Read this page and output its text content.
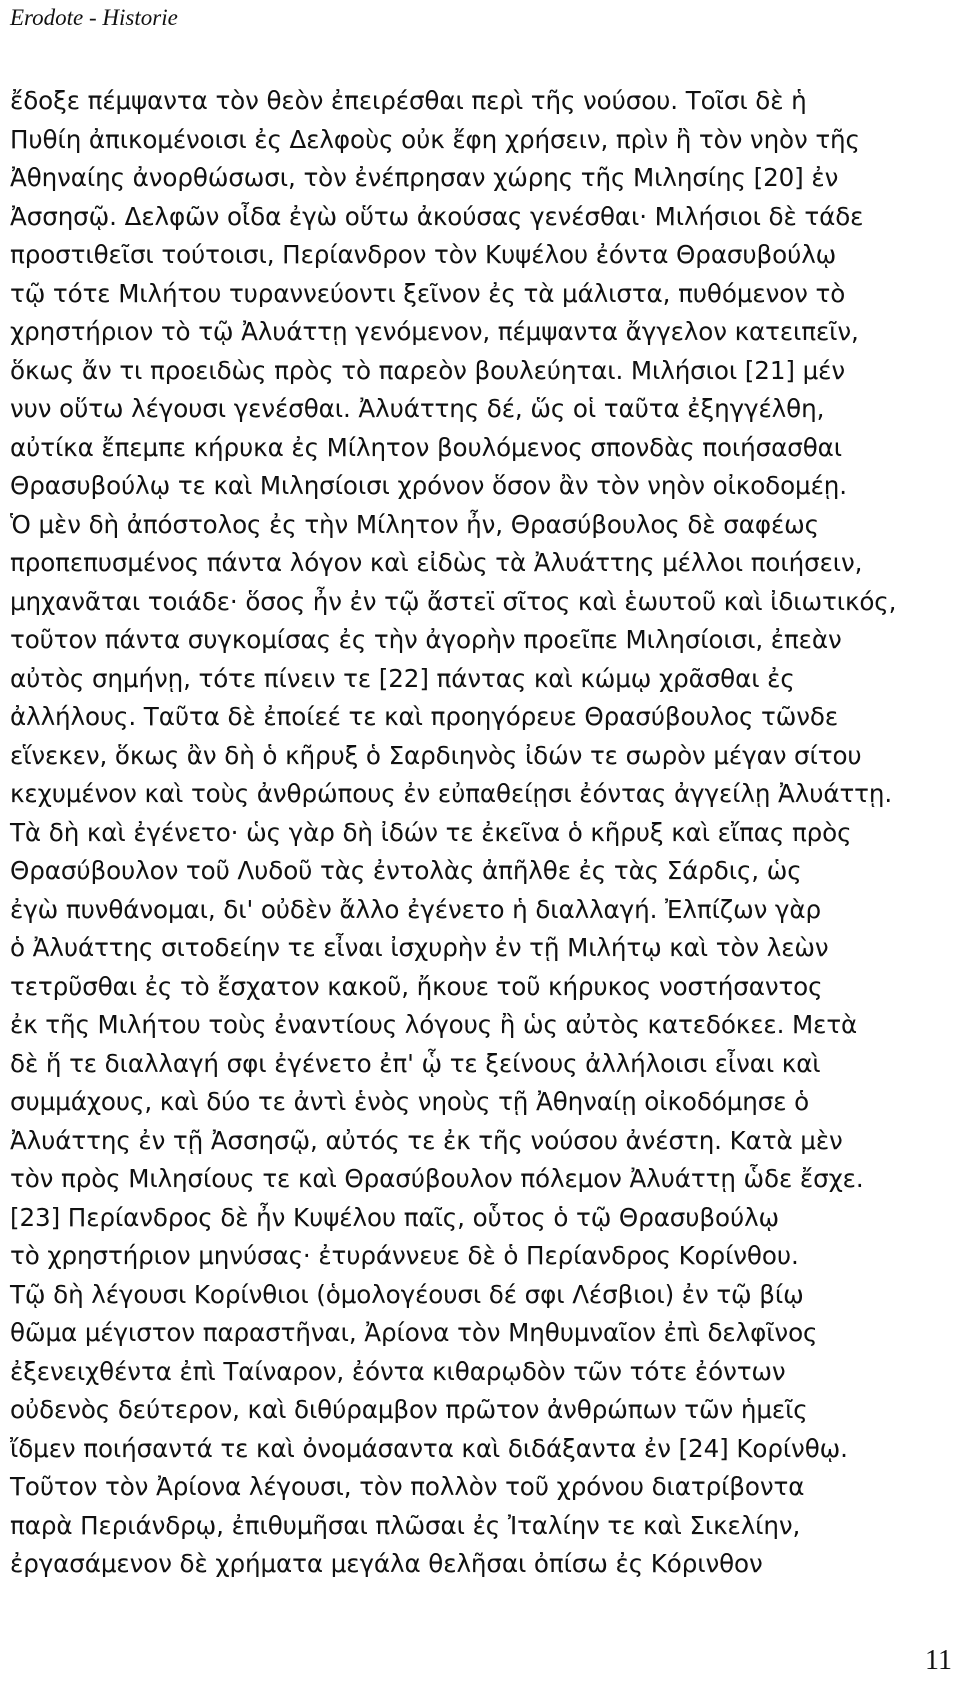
Erodote - Historie
ἔδοξε πέμψαντα τὸν θεὸν ἐπειρέσθαι περὶ τῆς νούσου. Τοῖσι δὲ ἡ
Πυθίη ἀπικομένοισι ἐς Δελφοὺς οὐκ ἔφη χρήσειν, πρὶν ἢ τὸν νηὸν τῆς
Ἀθηναίης ἀνορθώσωσι, τὸν ἐνέπρησαν χώρης τῆς Μιλησίης [20] ἐν
Ἀσσησῷ. Δελφῶν οἶδα ἐγὼ οὕτω ἀκούσας γενέσθαι· Μιλήσιοι δὲ τάδε
προστιθεῖσι τούτοισι, Περίανδρον τὸν Κυψέλου ἐόντα Θρασυβούλῳ
τῷ τότε Μιλήτου τυραννεύοντι ξεῖνον ἐς τὰ μάλιστα, πυθόμενον τὸ
χρηστήριον τὸ τῷ Ἀλυάττῃ γενόμενον, πέμψαντα ἄγγελον κατειπεῖν,
ὅκως ἄν τι προειδὼς πρὸς τὸ παρεὸν βουλεύηται. Μιλήσιοι [21] μέν
νυν οὕτω λέγουσι γενέσθαι. Ἀλυάττης δέ, ὥς οἱ ταῦτα ἐξηγγέλθη,
αὐτίκα ἔπεμπε κήρυκα ἐς Μίλητον βουλόμενος σπονδὰς ποιήσασθαι
Θρασυβούλῳ τε καὶ Μιλησίοισι χρόνον ὅσον ἂν τὸν νηὸν οἰκοδομέῃ.
Ὁ μὲν δὴ ἀπόστολος ἐς τὴν Μίλητον ἦν, Θρασύβουλος δὲ σαφέως
προπεπυσμένος πάντα λόγον καὶ εἰδὼς τὰ Ἀλυάττης μέλλοι ποιήσειν,
μηχανᾶται τοιάδε· ὅσος ἦν ἐν τῷ ἄστεϊ σῖτος καὶ ἑωυτοῦ καὶ ἰδιωτικός,
τοῦτον πάντα συγκομίσας ἐς τὴν ἀγορὴν προεῖπε Μιλησίοισι, ἐπεὰν
αὐτὸς σημήνῃ, τότε πίνειν τε [22] πάντας καὶ κώμῳ χρᾶσθαι ἐς
ἀλλήλους. Ταῦτα δὲ ἐποίεέ τε καὶ προηγόρευε Θρασύβουλος τῶνδε
εἵνεκεν, ὅκως ἂν δὴ ὁ κῆρυξ ὁ Σαρδιηνὸς ἰδών τε σωρὸν μέγαν σίτου
κεχυμένον καὶ τοὺς ἀνθρώπους ἐν εὐπαθείῃσι ἐόντας ἀγγείλῃ Ἀλυάττῃ.
Τὰ δὴ καὶ ἐγένετο· ὡς γὰρ δὴ ἰδών τε ἐκεῖνα ὁ κῆρυξ καὶ εἴπας πρὸς
Θρασύβουλον τοῦ Λυδοῦ τὰς ἐντολὰς ἀπῆλθε ἐς τὰς Σάρδις, ὡς
ἐγὼ πυνθάνομαι, δι' οὐδὲν ἄλλο ἐγένετο ἡ διαλλαγή. Ἐλπίζων γὰρ
ὁ Ἀλυάττης σιτοδείην τε εἶναι ἰσχυρὴν ἐν τῇ Μιλήτῳ καὶ τὸν λεὼν
τετρῦσθαι ἐς τὸ ἔσχατον κακοῦ, ἤκουε τοῦ κήρυκος νοστήσαντος
ἐκ τῆς Μιλήτου τοὺς ἐναντίους λόγους ἢ ὡς αὐτὸς κατεδόκεε. Μετὰ
δὲ ἥ τε διαλλαγή σφι ἐγένετο ἐπ' ᾧ τε ξείνους ἀλλήλοισι εἶναι καὶ
συμμάχους, καὶ δύο τε ἀντὶ ἑνὸς νηοὺς τῇ Ἀθηναίῃ οἰκοδόμησε ὁ
Ἀλυάττης ἐν τῇ Ἀσσησῷ, αὐτός τε ἐκ τῆς νούσου ἀνέστη. Κατὰ μὲν
τὸν πρὸς Μιλησίους τε καὶ Θρασύβουλον πόλεμον Ἀλυάττῃ ὧδε ἔσχε.
[23] Περίανδρος δὲ ἦν Κυψέλου παῖς, οὗτος ὁ τῷ Θρασυβούλῳ
τὸ χρηστήριον μηνύσας· ἐτυράννευε δὲ ὁ Περίανδρος Κορίνθου.
Τῷ δὴ λέγουσι Κορίνθιοι (ὁμολογέουσι δέ σφι Λέσβιοι) ἐν τῷ βίῳ
θῶμα μέγιστον παραστῆναι, Ἀρίονα τὸν Μηθυμναῖον ἐπὶ δελφῖνος
ἐξενειχθέντα ἐπὶ Ταίναρον, ἐόντα κιθαρῳδὸν τῶν τότε ἐόντων
οὐδενὸς δεύτερον, καὶ διθύραμβον πρῶτον ἀνθρώπων τῶν ἡμεῖς
ἴδμεν ποιήσαντά τε καὶ ὀνομάσαντα καὶ διδάξαντα ἐν [24] Κορίνθῳ.
Τοῦτον τὸν Ἀρίονα λέγουσι, τὸν πολλὸν τοῦ χρόνου διατρίβοντα
παρὰ Περιάνδρῳ, ἐπιθυμῆσαι πλῶσαι ἐς Ἰταλίην τε καὶ Σικελίην,
ἐργασάμενον δὲ χρήματα μεγάλα θελῆσαι ὀπίσω ἐς Κόρινθον
11
